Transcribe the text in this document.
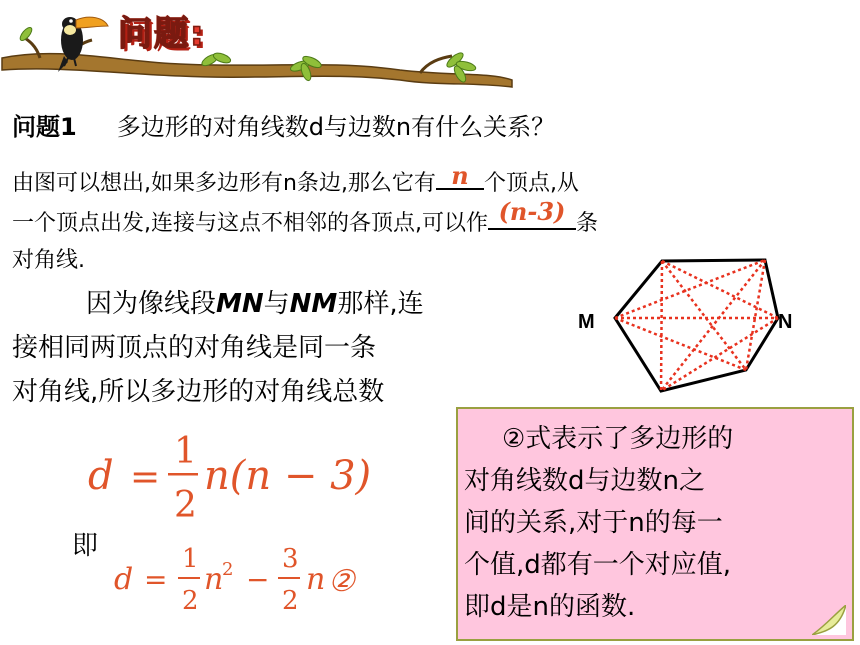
问题:
问题1 多边形的对角线数d与边数n有什么关系？
由图可以想出,如果多边形有n条边,那么它有 n 个顶点,从
一个顶点出发,连接与这点不相邻的各顶点,可以作 (n-3) 条
对角线.
因为像线段MN与NM那样,连
接相同两顶点的对角线是同一条
对角线,所以多边形的对角线总数
d =
1
2
n(n − 3)
即
d =
1
2
n
2 −
3
2
n ②
M	N
②式表示了多边形的
对角线数d与边数n之
间的关系,对于n的每一
个值,d都有一个对应值,
即d是n的函数.
